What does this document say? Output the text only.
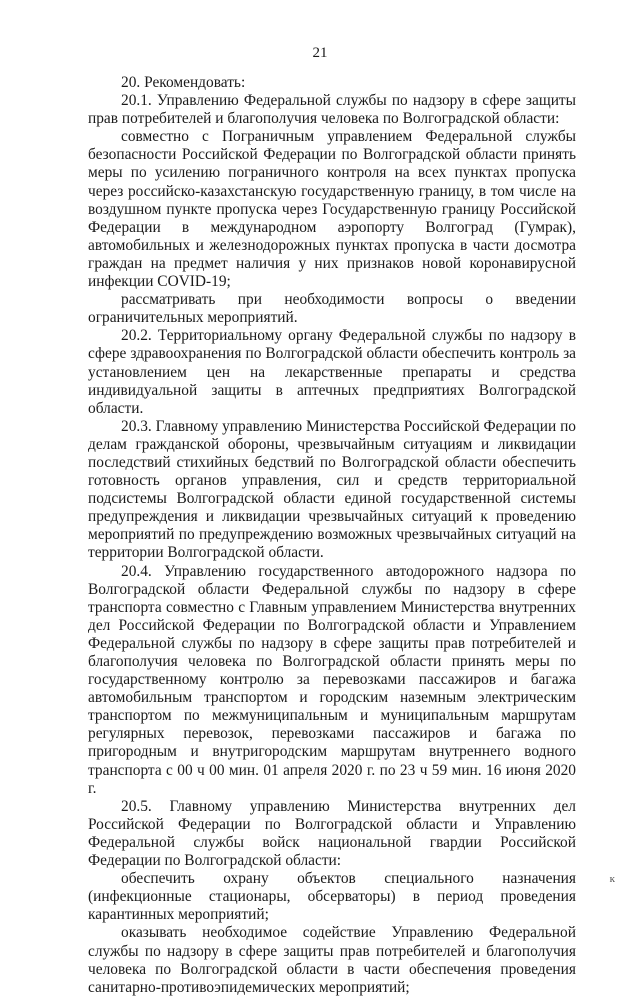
21

20. Рекомендовать:

20.1. Управлению Федеральной службы по надзору в сфере защиты прав потребителей и благополучия человека по Волгоградской области:

совместно с Пограничным управлением Федеральной службы безопасности Российской Федерации по Волгоградской области принять меры по усилению пограничного контроля на всех пунктах пропуска через российско-казахстанскую государственную границу, в том числе на воздушном пункте пропуска через Государственную границу Российской Федерации в международном аэропорту Волгоград (Гумрак), автомобильных и железнодорожных пунктах пропуска в части досмотра граждан на предмет наличия у них признаков новой коронавирусной инфекции COVID-19;

рассматривать при необходимости вопросы о введении ограничительных мероприятий.

20.2. Территориальному органу Федеральной службы по надзору в сфере здравоохранения по Волгоградской области обеспечить контроль за установлением цен на лекарственные препараты и средства индивидуальной защиты в аптечных предприятиях Волгоградской области.

20.3. Главному управлению Министерства Российской Федерации по делам гражданской обороны, чрезвычайным ситуациям и ликвидации последствий стихийных бедствий по Волгоградской области обеспечить готовность органов управления, сил и средств территориальной подсистемы Волгоградской области единой государственной системы предупреждения и ликвидации чрезвычайных ситуаций к проведению мероприятий по предупреждению возможных чрезвычайных ситуаций на территории Волгоградской области.

20.4. Управлению государственного автодорожного надзора по Волгоградской области Федеральной службы по надзору в сфере транспорта совместно с Главным управлением Министерства внутренних дел Российской Федерации по Волгоградской области и Управлением Федеральной службы по надзору в сфере защиты прав потребителей и благополучия человека по Волгоградской области принять меры по государственному контролю за перевозками пассажиров и багажа автомобильным транспортом и городским наземным электрическим транспортом по межмуниципальным и муниципальным маршрутам регулярных перевозок, перевозками пассажиров и багажа по пригородным и внутригородским маршрутам внутреннего водного транспорта с 00 ч 00 мин. 01 апреля 2020 г. по 23 ч 59 мин. 16 июня 2020 г.

20.5. Главному управлению Министерства внутренних дел Российской Федерации по Волгоградской области и Управлению Федеральной службы войск национальной гвардии Российской Федерации по Волгоградской области:

обеспечить охрану объектов специального назначения (инфекционные стационары, обсерваторы) в период проведения карантинных мероприятий;

оказывать необходимое содействие Управлению Федеральной службы по надзору в сфере защиты прав потребителей и благополучия человека по Волгоградской области в части обеспечения проведения санитарно-противоэпидемических мероприятий;

к
